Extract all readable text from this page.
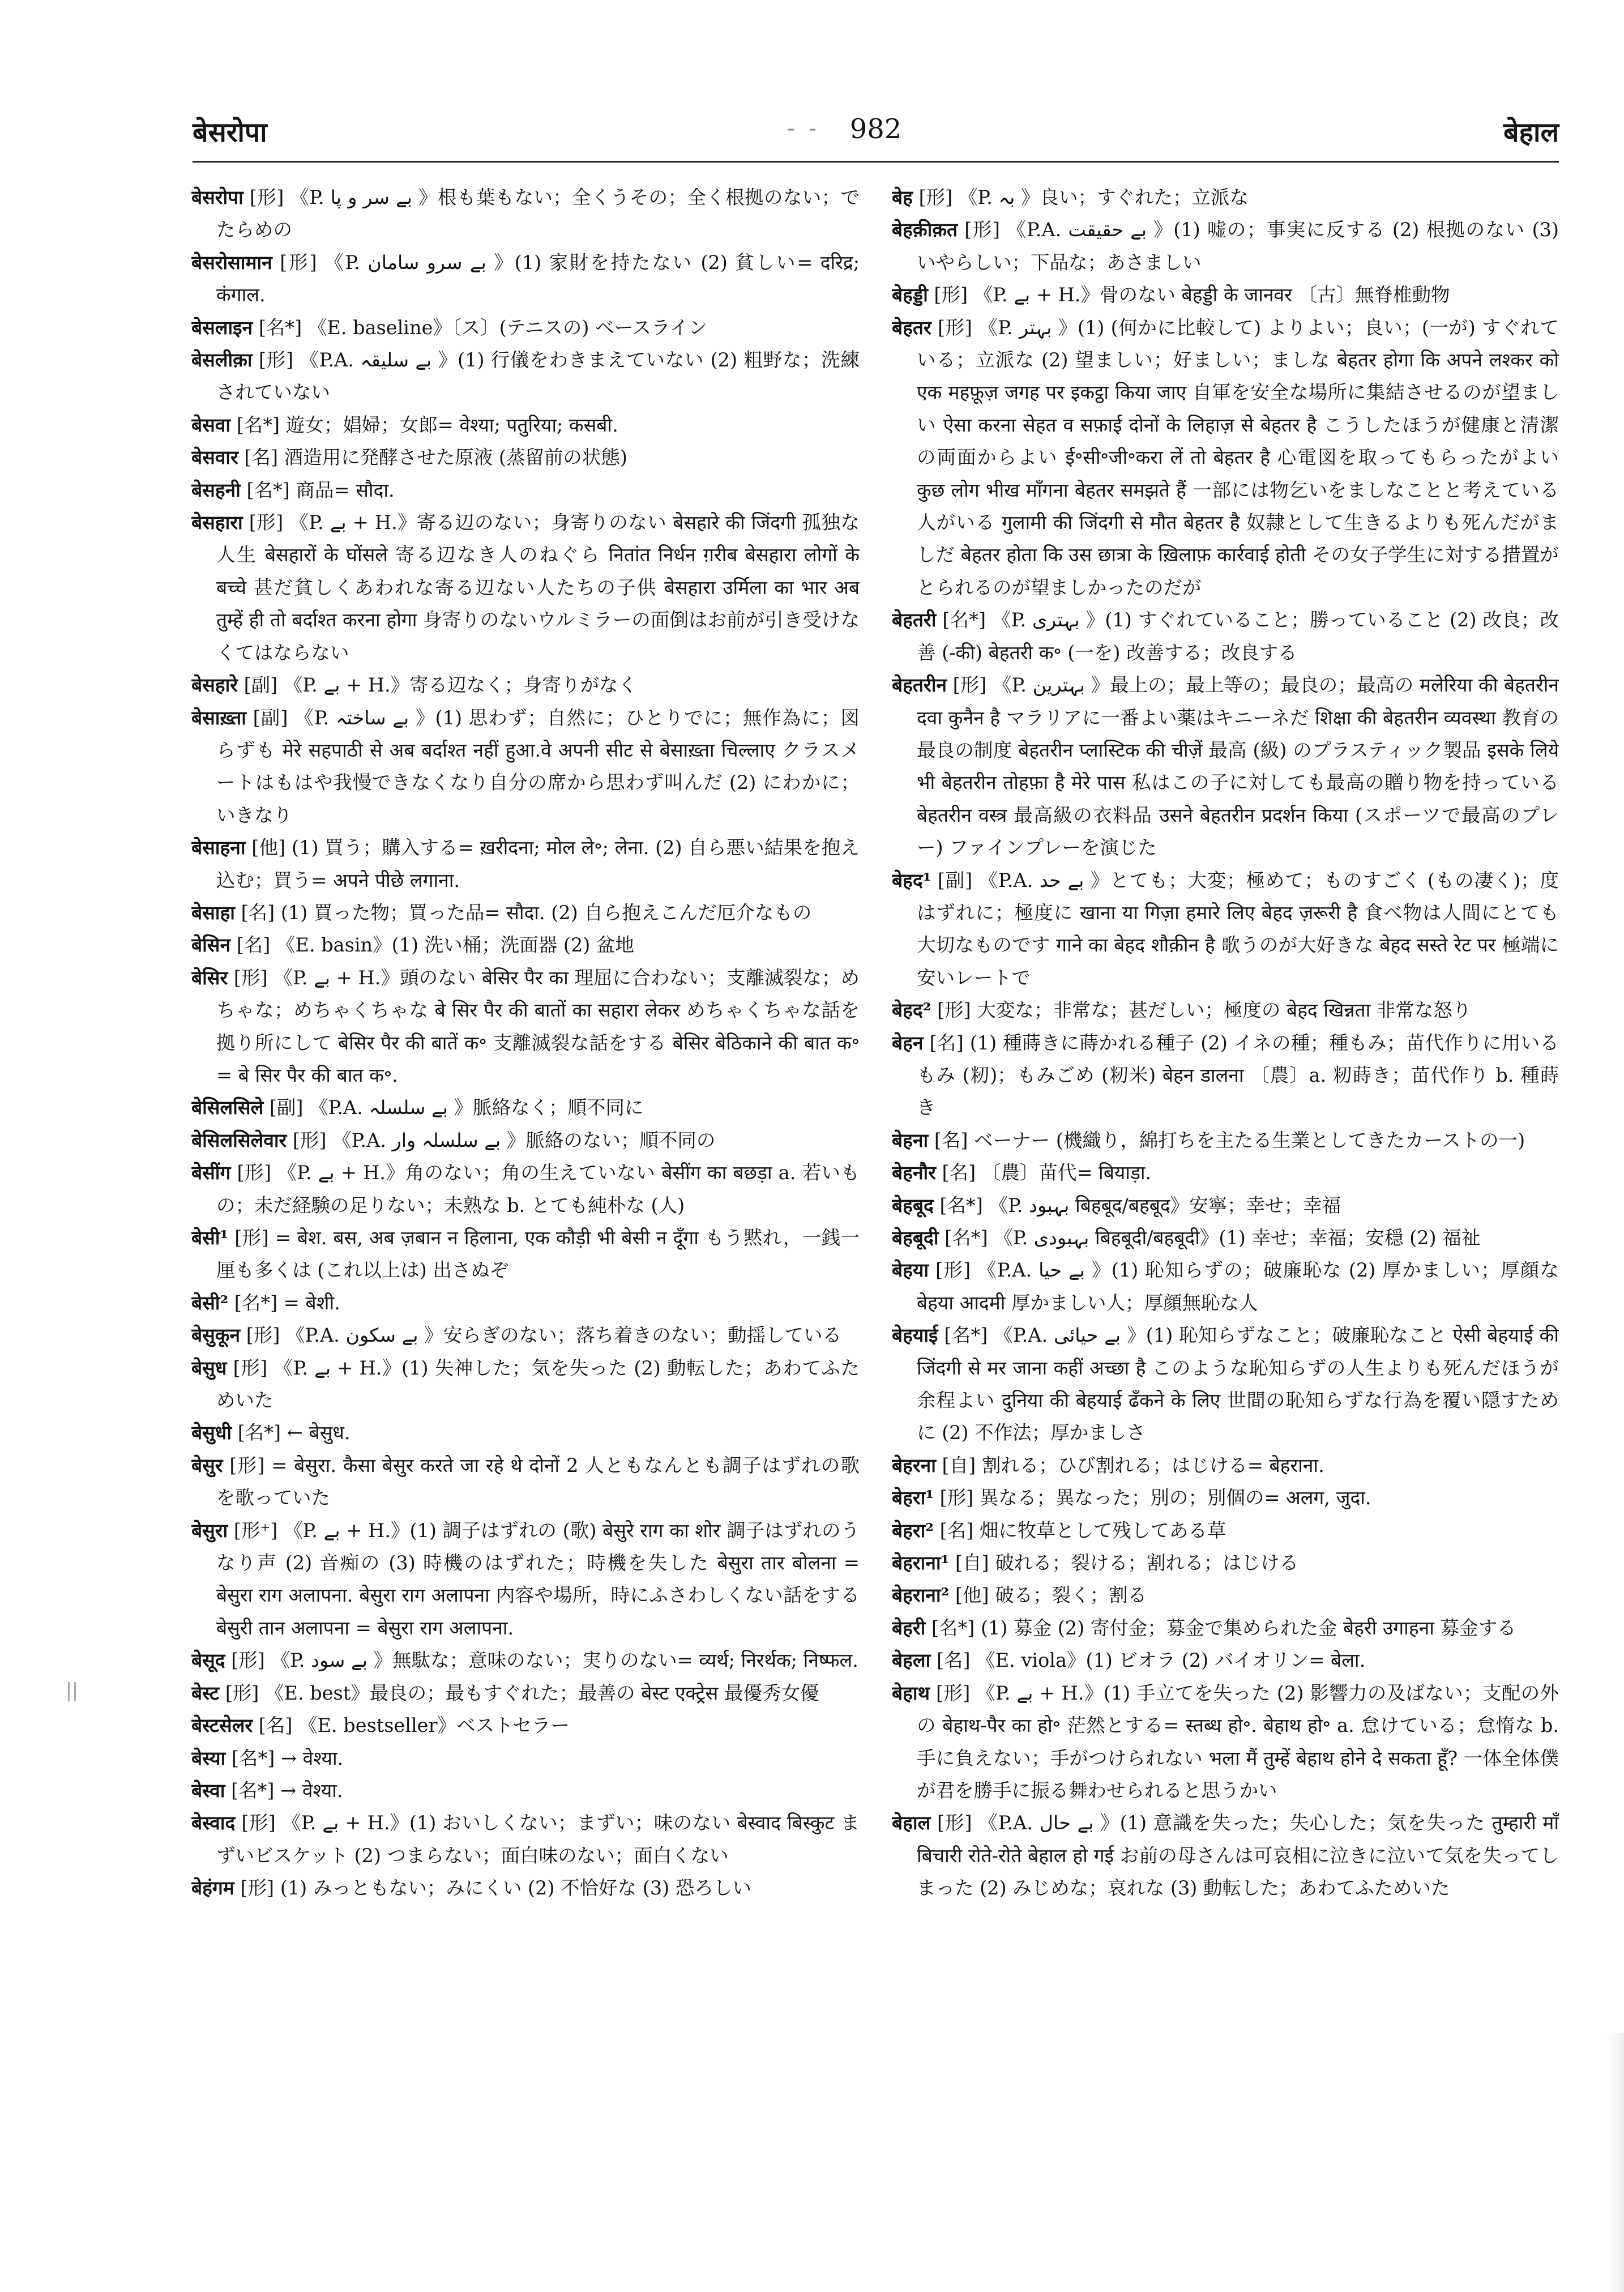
बेसरोपा	- -	982	बेहाल

बेसरोपा [形] 《P. بے سر و پا 》根も葉もない；全くうその；全く根拠のない；でたらめの

बेसरोसामान [形] 《P. بے سرو سامان 》(1) 家財を持たない (2) 貧しい= दरिद्र; कंगाल.

बेसलाइन [名*] 《E. baseline》〔ス〕(テニスの) ベースライン

बेसलीक़ा [形] 《P.A. بے سلیقہ 》(1) 行儀をわきまえていない (2) 粗野な；洗練されていない

बेसवा [名*] 遊女；娼婦；女郎= वेश्या; पतुरिया; कसबी.

बेसवार [名] 酒造用に発酵させた原液 (蒸留前の状態)

बेसहनी [名*] 商品= सौदा.

बेसहारा [形] 《P. بے + H.》寄る辺のない；身寄りのない बेसहारे की जिंदगी 孤独な人生 बेसहारों के घोंसले 寄る辺なき人のねぐら नितांत निर्धन ग़रीब बेसहारा लोगों के बच्चे 甚だ貧しくあわれな寄る辺ない人たちの子供 बेसहारा उर्मिला का भार अब तुम्हें ही तो बर्दाश्त करना होगा 身寄りのないウルミラーの面倒はお前が引き受けなくてはならない

बेसहारे [副] 《P. بے + H.》寄る辺なく；身寄りがなく

बेसाख़्ता [副] 《P. بے ساختہ 》(1) 思わず；自然に；ひとりでに；無作為に；図らずも मेरे सहपाठी से अब बर्दाश्त नहीं हुआ.वे अपनी सीट से बेसाख़्ता चिल्लाए クラスメートはもはや我慢できなくなり自分の席から思わず叫んだ (2) にわかに；いきなり

बेसाहना [他] (1) 買う；購入する= ख़रीदना; मोल ले॰; लेना. (2) 自ら悪い結果を抱え込む；買う= अपने पीछे लगाना.

बेसाहा [名] (1) 買った物；買った品= सौदा. (2) 自ら抱えこんだ厄介なもの

बेसिन [名] 《E. basin》(1) 洗い桶；洗面器 (2) 盆地

बेसिर [形] 《P. بے + H.》頭のない बेसिर पैर का 理屈に合わない；支離滅裂な；めちゃな；めちゃくちゃな बे सिर पैर की बातों का सहारा लेकर めちゃくちゃな話を拠り所にして बेसिर पैर की बातें क॰ 支離滅裂な話をする बेसिर बेठिकाने की बात क॰ = बे सिर पैर की बात क॰.

बेसिलसिले [副] 《P.A. بے سلسلہ 》脈絡なく；順不同に

बेसिलसिलेवार [形] 《P.A. بے سلسلہ وار 》脈絡のない；順不同の

बेसींग [形] 《P. بے + H.》角のない；角の生えていない बेसींग का बछड़ा a. 若いもの；未だ経験の足りない；未熟な b. とても純朴な (人)

बेसी¹ [形] = बेश. बस, अब ज़बान न हिलाना, एक कौड़ी भी बेसी न दूँगा もう黙れ，一銭一厘も多くは (これ以上は) 出さぬぞ

बेसी² [名*] = बेशी.

बेसुकून [形] 《P.A. بے سکون 》安らぎのない；落ち着きのない；動揺している

बेसुध [形] 《P. بے + H.》(1) 失神した；気を失った (2) 動転した；あわてふためいた

बेसुधी [名*] ← बेसुध.

बेसुर [形] = बेसुरा. कैसा बेसुर करते जा रहे थे दोनों 2 人ともなんとも調子はずれの歌を歌っていた

बेसुरा [形⁺] 《P. بے + H.》(1) 調子はずれの (歌) बेसुरे राग का शोर 調子はずれのうなり声 (2) 音痴の (3) 時機のはずれた；時機を失した बेसुरा तार बोलना = बेसुरा राग अलापना. बेसुरा राग अलापना 内容や場所，時にふさわしくない話をする बेसुरी तान अलापना = बेसुरा राग अलापना.

बेसूद [形] 《P. بے سود 》無駄な；意味のない；実りのない= व्यर्थ; निरर्थक; निष्फल.

बेस्ट [形] 《E. best》最良の；最もすぐれた；最善の बेस्ट एक्ट्रेस 最優秀女優

बेस्टसेलर [名] 《E. bestseller》ベストセラー

बेस्या [名*] → वेश्या.

बेस्वा [名*] → वेश्या.

बेस्वाद [形] 《P. بے + H.》(1) おいしくない；まずい；味のない बेस्वाद बिस्कुट まずいビスケット (2) つまらない；面白味のない；面白くない

बेहंगम [形] (1) みっともない；みにくい (2) 不恰好な (3) 恐ろしい

बेह [形] 《P. بہ 》良い；すぐれた；立派な

बेहक़ीक़त [形] 《P.A. بے حقیقت 》(1) 嘘の；事実に反する (2) 根拠のない (3) いやらしい；下品な；あさましい

बेहड्डी [形] 《P. بے + H.》骨のない बेहड्डी के जानवर 〔古〕無脊椎動物

बेहतर [形] 《P. بہتر 》(1) (何かに比較して) よりよい；良い；(一が) すぐれている；立派な (2) 望ましい；好ましい；ましな बेहतर होगा कि अपने लश्कर को एक महफ़ूज़ जगह पर इकट्ठा किया जाए 自軍を安全な場所に集結させるのが望ましい ऐसा करना सेहत व सफ़ाई दोनों के लिहाज़ से बेहतर है こうしたほうが健康と清潔の両面からよい ई॰सी॰जी॰करा लें तो बेहतर है 心電図を取ってもらったがよい कुछ लोग भीख माँगना बेहतर समझते हैं 一部には物乞いをましなことと考えている人がいる गुलामी की जिंदगी से मौत बेहतर है 奴隷として生きるよりも死んだがましだ बेहतर होता कि उस छात्रा के ख़िलाफ़ कार्रवाई होती その女子学生に対する措置がとられるのが望ましかったのだが

बेहतरी [名*] 《P. بہتری 》(1) すぐれていること；勝っていること (2) 改良；改善 (-की) बेहतरी क॰ (一を) 改善する；改良する

बेहतरीन [形] 《P. بہترین 》最上の；最上等の；最良の；最高の मलेरिया की बेहतरीन दवा कुनैन है マラリアに一番よい薬はキニーネだ शिक्षा की बेहतरीन व्यवस्था 教育の最良の制度 बेहतरीन प्लास्टिक की चीज़ें 最高 (級) のプラスティック製品 इसके लिये भी बेहतरीन तोहफ़ा है मेरे पास 私はこの子に対しても最高の贈り物を持っている बेहतरीन वस्त्र 最高級の衣料品 उसने बेहतरीन प्रदर्शन किया (スポーツで最高のプレー) ファインプレーを演じた

बेहद¹ [副] 《P.A. بے حد 》とても；大変；極めて；ものすごく (もの凄く)；度はずれに；極度に खाना या गिज़ा हमारे लिए बेहद ज़रूरी है 食べ物は人間にとても大切なものです गाने का बेहद शौक़ीन है 歌うのが大好きな बेहद सस्ते रेट पर 極端に安いレートで

बेहद² [形] 大変な；非常な；甚だしい；極度の बेहद खिन्नता 非常な怒り

बेहन [名] (1) 種蒔きに蒔かれる種子 (2) イネの種；種もみ；苗代作りに用いるもみ (籾)；もみごめ (籾米) बेहन डालना 〔農〕a. 籾蒔き；苗代作り b. 種蒔き

बेहना [名] ベーナー (機織り，綿打ちを主たる生業としてきたカーストの一)

बेहनौर [名] 〔農〕苗代= बियाड़ा.

बेहबूद [名*] 《P. بہبود बिहबूद/बहबूद》安寧；幸せ；幸福

बेहबूदी [名*] 《P. بہبودی बिहबूदी/बहबूदी》(1) 幸せ；幸福；安穏 (2) 福祉

बेहया [形] 《P.A. بے حیا 》(1) 恥知らずの；破廉恥な (2) 厚かましい；厚顔な बेहया आदमी 厚かましい人；厚顔無恥な人

बेहयाई [名*] 《P.A. بے حیائی 》(1) 恥知らずなこと；破廉恥なこと ऐसी बेहयाई की जिंदगी से मर जाना कहीं अच्छा है このような恥知らずの人生よりも死んだほうが余程よい दुनिया की बेहयाई ढँकने के लिए 世間の恥知らずな行為を覆い隠すために (2) 不作法；厚かましさ

बेहरना [自] 割れる；ひび割れる；はじける= बेहराना.

बेहरा¹ [形] 異なる；異なった；別の；別個の= अलग, जुदा.

बेहरा² [名] 畑に牧草として残してある草

बेहराना¹ [自] 破れる；裂ける；割れる；はじける

बेहराना² [他] 破る；裂く；割る

बेहरी [名*] (1) 募金 (2) 寄付金；募金で集められた金 बेहरी उगाहना 募金する

बेहला [名] 《E. viola》(1) ビオラ (2) バイオリン= बेला.

बेहाथ [形] 《P. بے + H.》(1) 手立てを失った (2) 影響力の及ばない；支配の外の बेहाथ-पैर का हो॰ 茫然とする= स्तब्ध हो॰. बेहाथ हो॰ a. 怠けている；怠惰な b. 手に負えない；手がつけられない भला मैं तुम्हें बेहाथ होने दे सकता हूँ? 一体全体僕が君を勝手に振る舞わせられると思うかい

बेहाल [形] 《P.A. بے حال 》(1) 意識を失った；失心した；気を失った तुम्हारी माँ बिचारी रोते-रोते बेहाल हो गई お前の母さんは可哀相に泣きに泣いて気を失ってしまった (2) みじめな；哀れな (3) 動転した；あわてふためいた
